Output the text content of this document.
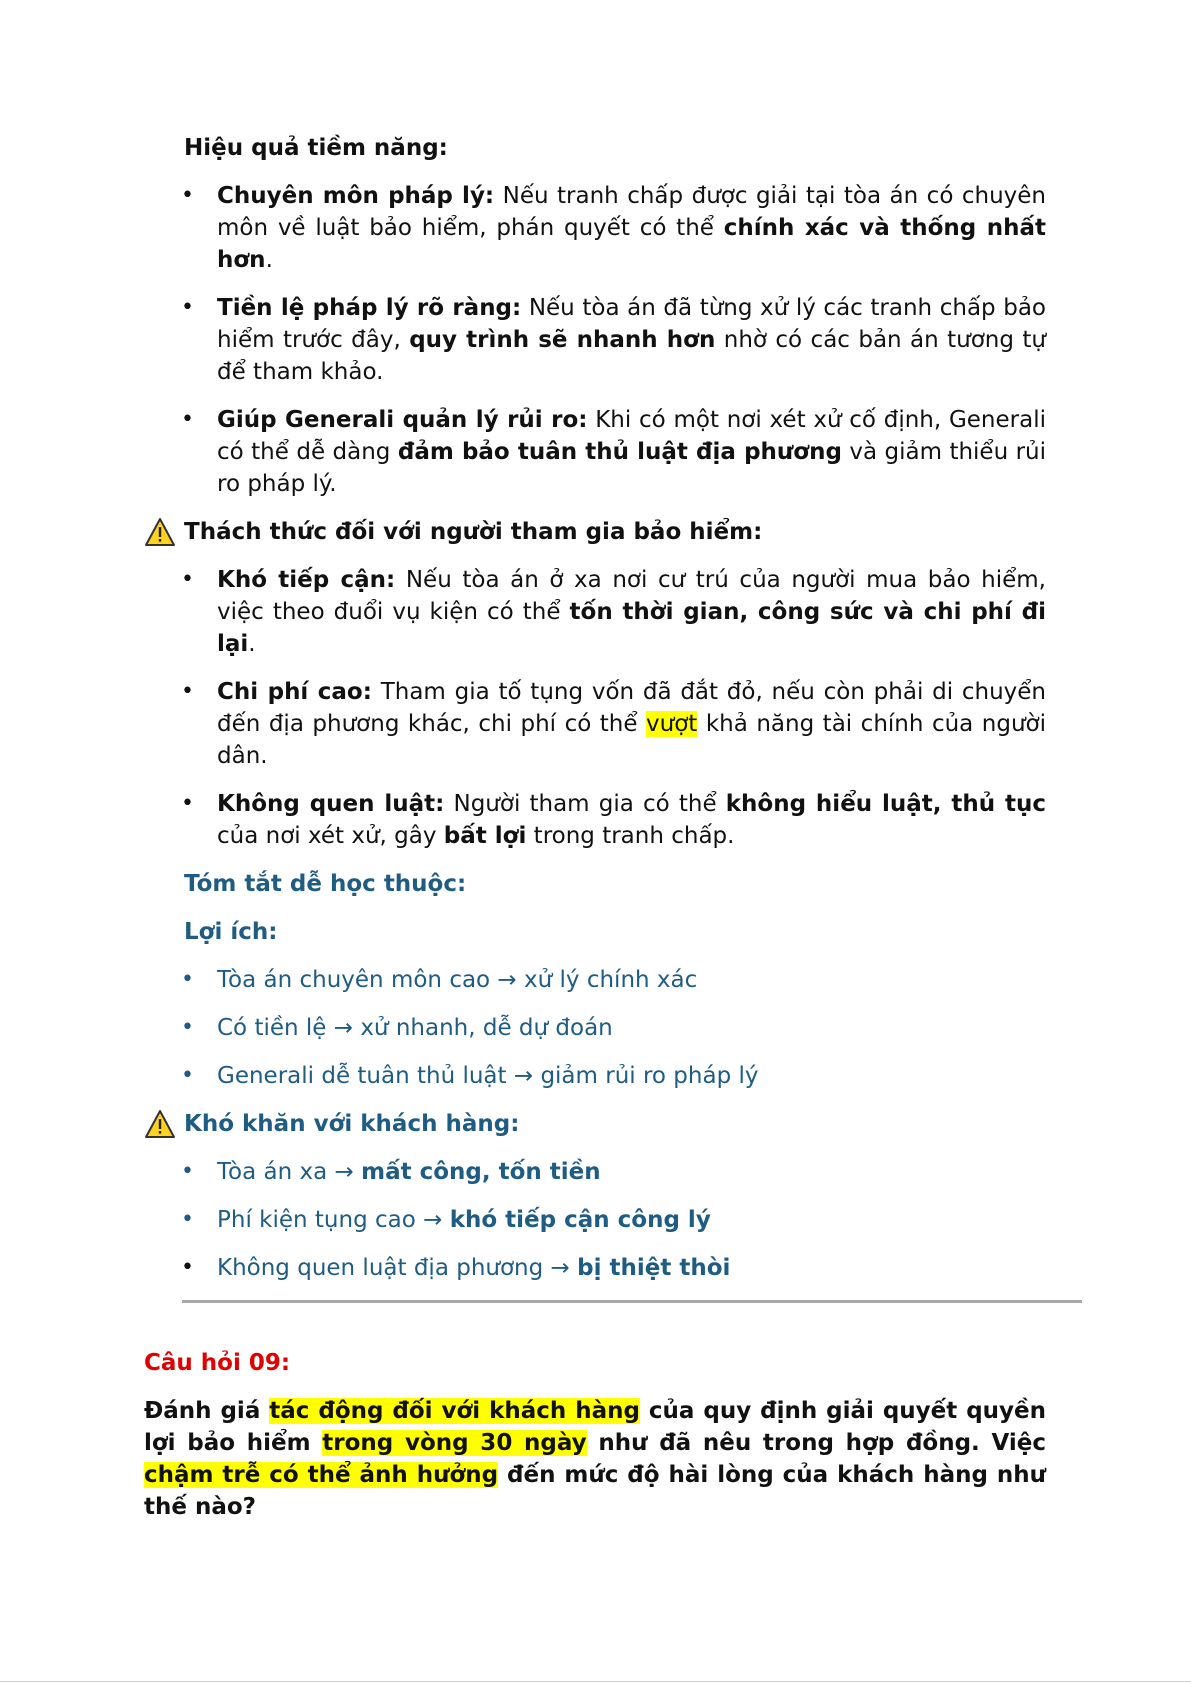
Hiệu quả tiềm năng:
• Chuyên môn pháp lý: Nếu tranh chấp được giải tại tòa án có chuyên môn về luật bảo hiểm, phán quyết có thể chính xác và thống nhất hơn.
• Tiền lệ pháp lý rõ ràng: Nếu tòa án đã từng xử lý các tranh chấp bảo hiểm trước đây, quy trình sẽ nhanh hơn nhờ có các bản án tương tự để tham khảo.
• Giúp Generali quản lý rủi ro: Khi có một nơi xét xử cố định, Generali có thể dễ dàng đảm bảo tuân thủ luật địa phương và giảm thiểu rủi ro pháp lý.
Thách thức đối với người tham gia bảo hiểm:
• Khó tiếp cận: Nếu tòa án ở xa nơi cư trú của người mua bảo hiểm, việc theo đuổi vụ kiện có thể tốn thời gian, công sức và chi phí đi lại.
• Chi phí cao: Tham gia tố tụng vốn đã đắt đỏ, nếu còn phải di chuyển đến địa phương khác, chi phí có thể vượt khả năng tài chính của người dân.
• Không quen luật: Người tham gia có thể không hiểu luật, thủ tục của nơi xét xử, gây bất lợi trong tranh chấp.
Tóm tắt dễ học thuộc:
Lợi ích:
• Tòa án chuyên môn cao → xử lý chính xác
• Có tiền lệ → xử nhanh, dễ dự đoán
• Generali dễ tuân thủ luật → giảm rủi ro pháp lý
Khó khăn với khách hàng:
• Tòa án xa → mất công, tốn tiền
• Phí kiện tụng cao → khó tiếp cận công lý
• Không quen luật địa phương → bị thiệt thòi
Câu hỏi 09:

Đánh giá tác động đối với khách hàng của quy định giải quyết quyền lợi bảo hiểm trong vòng 30 ngày như đã nêu trong hợp đồng. Việc chậm trễ có thể ảnh hưởng đến mức độ hài lòng của khách hàng như thế nào?
